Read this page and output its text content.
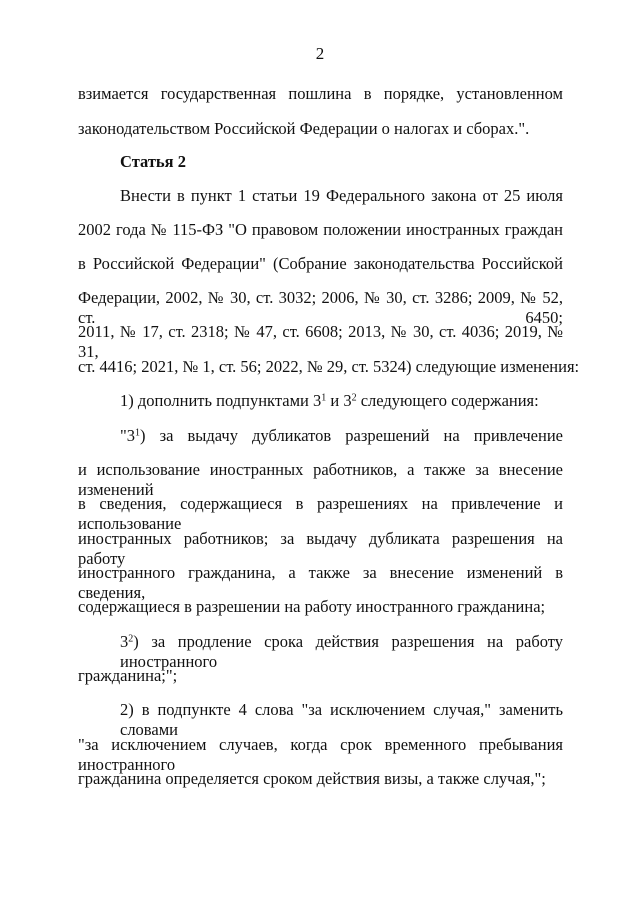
2
взимается государственная пошлина в порядке, установленном
законодательством Российской Федерации о налогах и сборах.".
Статья 2
Внести в пункт 1 статьи 19 Федерального закона от 25 июля
2002 года № 115-ФЗ "О правовом положении иностранных граждан
в Российской Федерации" (Собрание законодательства Российской
Федерации, 2002, № 30, ст. 3032; 2006, № 30, ст. 3286; 2009, № 52, ст. 6450;
2011, № 17, ст. 2318; № 47, ст. 6608; 2013, № 30, ст. 4036; 2019, № 31,
ст. 4416; 2021, № 1, ст. 56; 2022, № 29, ст. 5324) следующие изменения:
1) дополнить подпунктами $3^1$ и $3^2$ следующего содержания:
"$3^1$) за выдачу дубликатов разрешений на привлечение
и использование иностранных работников, а также за внесение изменений
в сведения, содержащиеся в разрешениях на привлечение и использование
иностранных работников; за выдачу дубликата разрешения на работу
иностранного гражданина, а также за внесение изменений в сведения,
содержащиеся в разрешении на работу иностранного гражданина;
$3^2$) за продление срока действия разрешения на работу иностранного
гражданина;";
2) в подпункте 4 слова "за исключением случая," заменить словами
"за исключением случаев, когда срок временного пребывания иностранного
гражданина определяется сроком действия визы, а также случая,";
